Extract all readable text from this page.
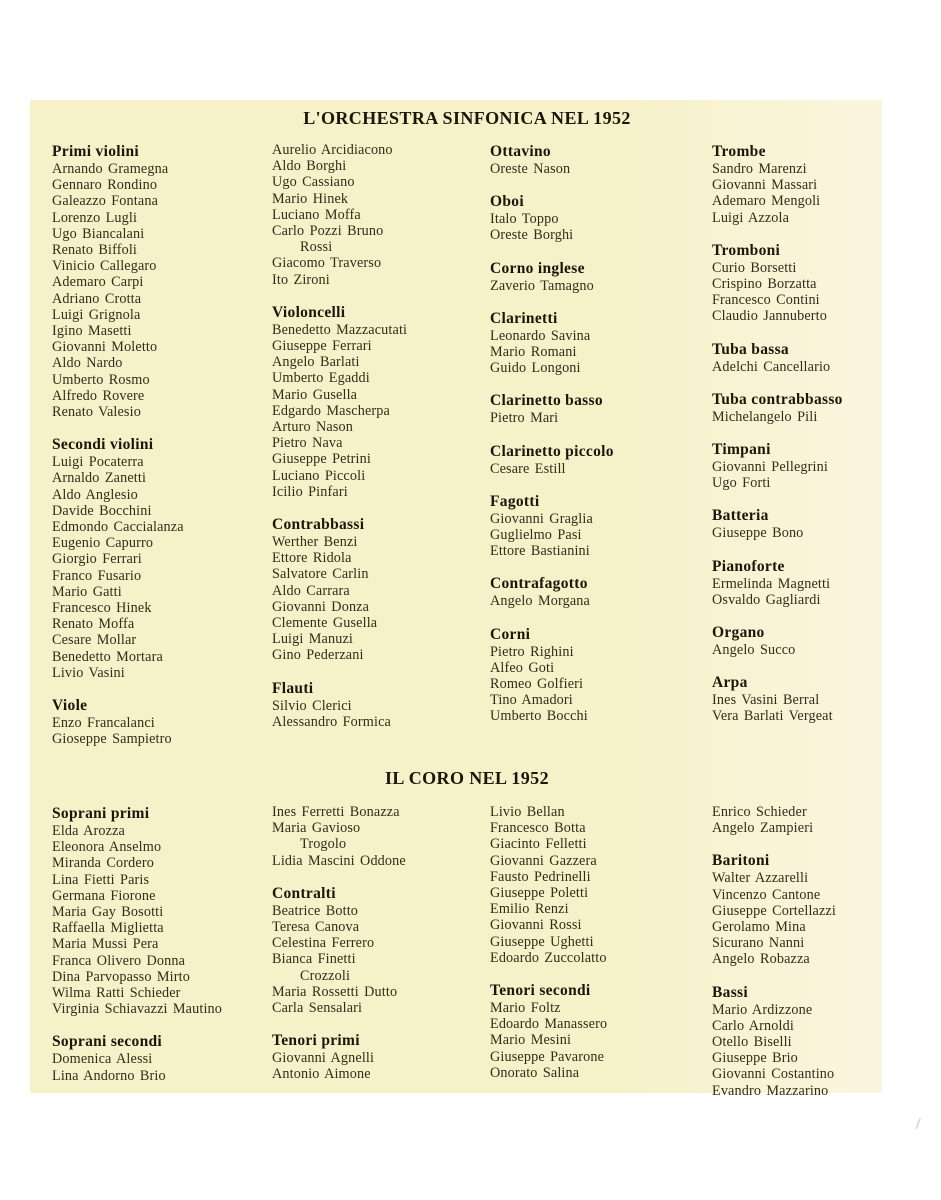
L'ORCHESTRA SINFONICA NEL 1952
Primi violini
Arnando Gramegna
Gennaro Rondino
Galeazzo Fontana
Lorenzo Lugli
Ugo Biancalani
Renato Biffoli
Vinicio Callegaro
Ademaro Carpi
Adriano Crotta
Luigi Grignola
Igino Masetti
Giovanni Moletto
Aldo Nardo
Umberto Rosmo
Alfredo Rovere
Renato Valesio
Secondi violini
Luigi Pocaterra
Arnaldo Zanetti
Aldo Anglesio
Davide Bocchini
Edmondo Caccialanza
Eugenio Capurro
Giorgio Ferrari
Franco Fusario
Mario Gatti
Francesco Hinek
Renato Moffa
Cesare Mollar
Benedetto Mortara
Livio Vasini
Viole
Enzo Francalanci
Gioseppe Sampietro
Aurelio Arcidiacono
Aldo Borghi
Ugo Cassiano
Mario Hinek
Luciano Moffa
Carlo Pozzi Bruno
Rossi
Giacomo Traverso
Ito Zironi
Violoncelli
Benedetto Mazzacutati
Giuseppe Ferrari
Angelo Barlati
Umberto Egaddi
Mario Gusella
Edgardo Mascherpa
Arturo Nason
Pietro Nava
Giuseppe Petrini
Luciano Piccoli
Icilio Pinfari
Contrabbassi
Werther Benzi
Ettore Ridola
Salvatore Carlin
Aldo Carrara
Giovanni Donza
Clemente Gusella
Luigi Manuzi
Gino Pederzani
Flauti
Silvio Clerici
Alessandro Formica
Ottavino
Oreste Nason
Oboi
Italo Toppo
Oreste Borghi
Corno inglese
Zaverio Tamagno
Clarinetti
Leonardo Savina
Mario Romani
Guido Longoni
Clarinetto basso
Pietro Mari
Clarinetto piccolo
Cesare Estill
Fagotti
Giovanni Graglia
Guglielmo Pasi
Ettore Bastianini
Contrafagotto
Angelo Morgana
Corni
Pietro Righini
Alfeo Goti
Romeo Golfieri
Tino Amadori
Umberto Bocchi
Trombe
Sandro Marenzi
Giovanni Massari
Ademaro Mengoli
Luigi Azzola
Tromboni
Curio Borsetti
Crispino Borzatta
Francesco Contini
Claudio Jannuberto
Tuba bassa
Adelchi Cancellario
Tuba contrabbasso
Michelangelo Pili
Timpani
Giovanni Pellegrini
Ugo Forti
Batteria
Giuseppe Bono
Pianoforte
Ermelinda Magnetti
Osvaldo Gagliardi
Organo
Angelo Succo
Arpa
Ines Vasini Berral
Vera Barlati Vergeat
IL CORO NEL 1952
Soprani primi
Elda Arozza
Eleonora Anselmo
Miranda Cordero
Lina Fietti Paris
Germana Fiorone
Maria Gay Bosotti
Raffaella Miglietta
Maria Mussi Pera
Franca Olivero Donna
Dina Parvopasso Mirto
Wilma Ratti Schieder
Virginia Schiavazzi Mautino
Soprani secondi
Domenica Alessi
Lina Andorno Brio
Ines Ferretti Bonazza
Maria Gavioso
Trogolo
Lidia Mascini Oddone
Contralti
Beatrice Botto
Teresa Canova
Celestina Ferrero
Bianca Finetti
Crozzoli
Maria Rossetti Dutto
Carla Sensalari
Tenori primi
Giovanni Agnelli
Antonio Aimone
Livio Bellan
Francesco Botta
Giacinto Felletti
Giovanni Gazzera
Fausto Pedrinelli
Giuseppe Poletti
Emilio Renzi
Giovanni Rossi
Giuseppe Ughetti
Edoardo Zuccolatto
Tenori secondi
Mario Foltz
Edoardo Manassero
Mario Mesini
Giuseppe Pavarone
Onorato Salina
Enrico Schieder
Angelo Zampieri
Baritoni
Walter Azzarelli
Vincenzo Cantone
Giuseppe Cortellazzi
Gerolamo Mina
Sicurano Nanni
Angelo Robazza
Bassi
Mario Ardizzone
Carlo Arnoldi
Otello Biselli
Giuseppe Brio
Giovanni Costantino
Evandro Mazzarino
